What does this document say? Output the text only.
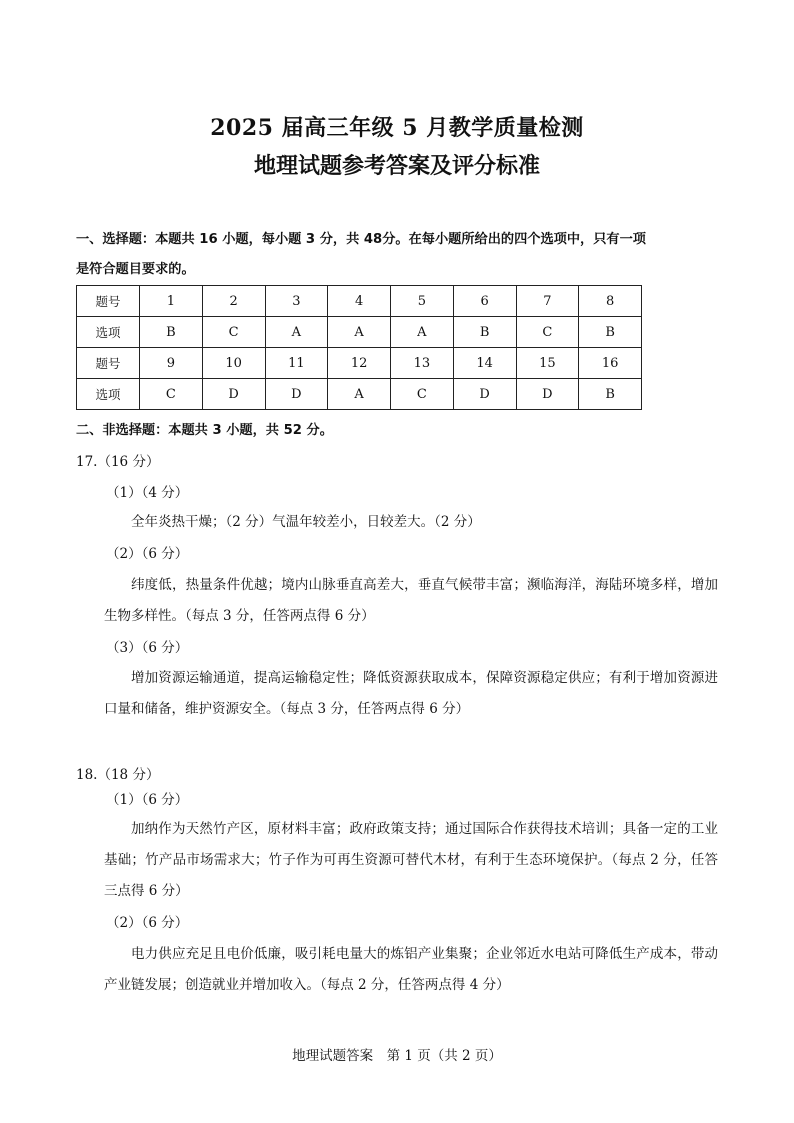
2025 届高三年级 5 月教学质量检测
地理试题参考答案及评分标准

一、选择题：本题共 16 小题，每小题 3 分，共 48分。在每小题所给出的四个选项中，只有一项

是符合题目要求的。

题号	1	2	3	4	5	6	7	8
选项	B	C	A	A	A	B	C	B
题号	9	10	11	12	13	14	15	16
选项	C	D	D	A	C	D	D	B

二、非选择题：本题共 3 小题，共 52 分。

17.（16 分）

（1）（4 分）

全年炎热干燥；（2 分）气温年较差小，日较差大。（2 分）

（2）（6 分）

纬度低，热量条件优越；境内山脉垂直高差大，垂直气候带丰富；濒临海洋，海陆环境多样，增加生物多样性。（每点 3 分，任答两点得 6 分）

（3）（6 分）

增加资源运输通道，提高运输稳定性；降低资源获取成本，保障资源稳定供应；有利于增加资源进口量和储备，维护资源安全。（每点 3 分，任答两点得 6 分）

18.（18 分）

（1）（6 分）

加纳作为天然竹产区，原材料丰富；政府政策支持；通过国际合作获得技术培训；具备一定的工业基础；竹产品市场需求大；竹子作为可再生资源可替代木材，有利于生态环境保护。（每点 2 分，任答三点得 6 分）

（2）（6 分）

电力供应充足且电价低廉，吸引耗电量大的炼铝产业集聚；企业邻近水电站可降低生产成本，带动产业链发展；创造就业并增加收入。（每点 2 分，任答两点得 4 分）

地理试题答案　第 1 页（共 2 页）
